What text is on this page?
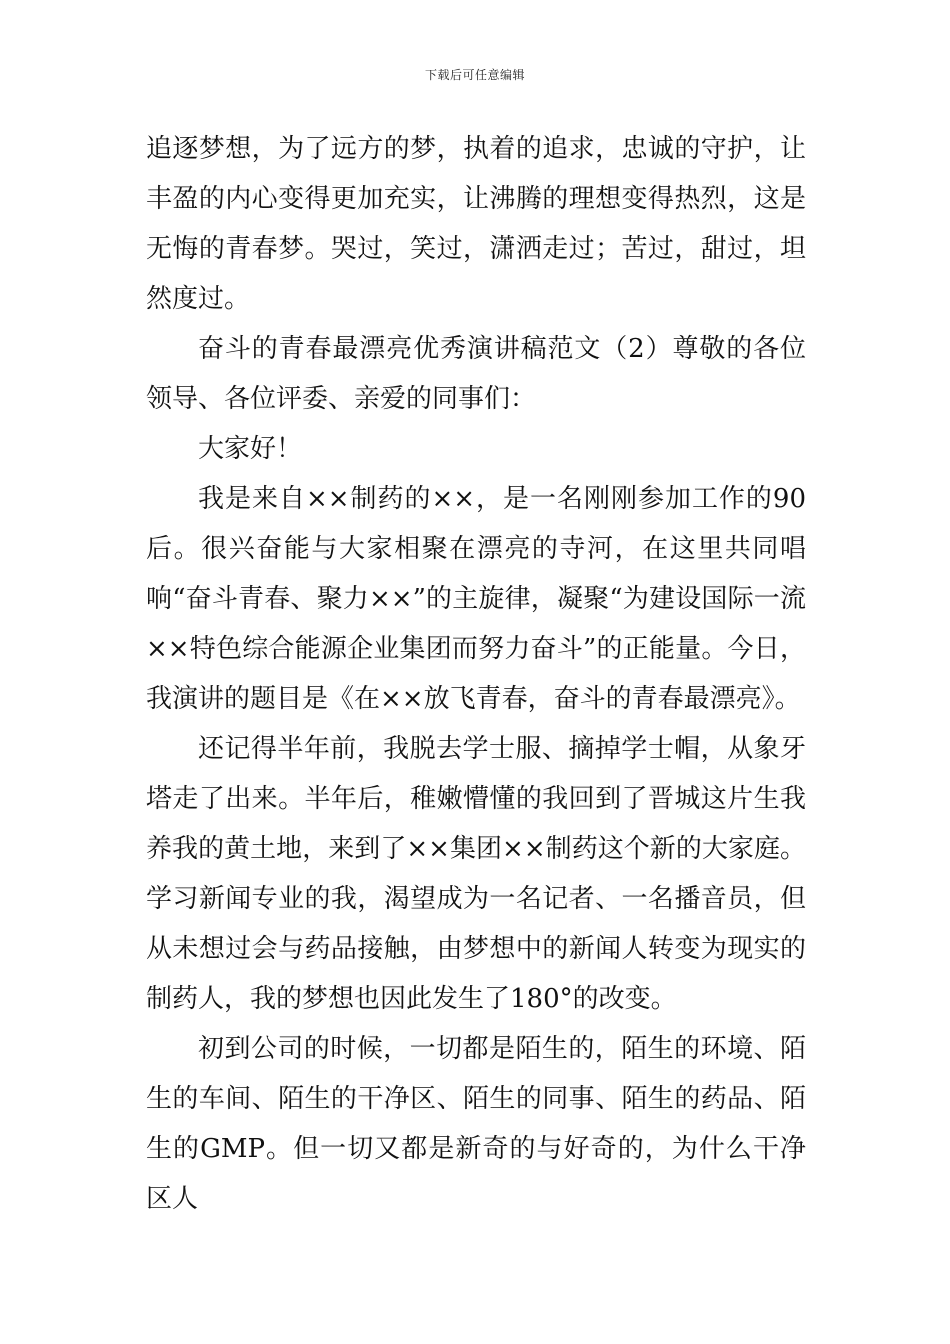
下载后可任意编辑

追逐梦想，为了远方的梦，执着的追求，忠诚的守护，让丰盈的内心变得更加充实，让沸腾的理想变得热烈，这是无悔的青春梦。哭过，笑过，潇洒走过；苦过，甜过，坦然度过。

奋斗的青春最漂亮优秀演讲稿范文（2）尊敬的各位领导、各位评委、亲爱的同事们：

大家好！

我是来自××制药的××，是一名刚刚参加工作的90后。很兴奋能与大家相聚在漂亮的寺河，在这里共同唱响“奋斗青春、聚力××”的主旋律，凝聚“为建设国际一流××特色综合能源企业集团而努力奋斗”的正能量。今日，我演讲的题目是《在××放飞青春，奋斗的青春最漂亮》。

还记得半年前，我脱去学士服、摘掉学士帽，从象牙塔走了出来。半年后，稚嫩懵懂的我回到了晋城这片生我养我的黄土地，来到了××集团××制药这个新的大家庭。学习新闻专业的我，渴望成为一名记者、一名播音员，但从未想过会与药品接触，由梦想中的新闻人转变为现实的制药人，我的梦想也因此发生了180°的改变。

初到公司的时候，一切都是陌生的，陌生的环境、陌生的车间、陌生的干净区、陌生的同事、陌生的药品、陌生的GMP。但一切又都是新奇的与好奇的，为什么干净区人
